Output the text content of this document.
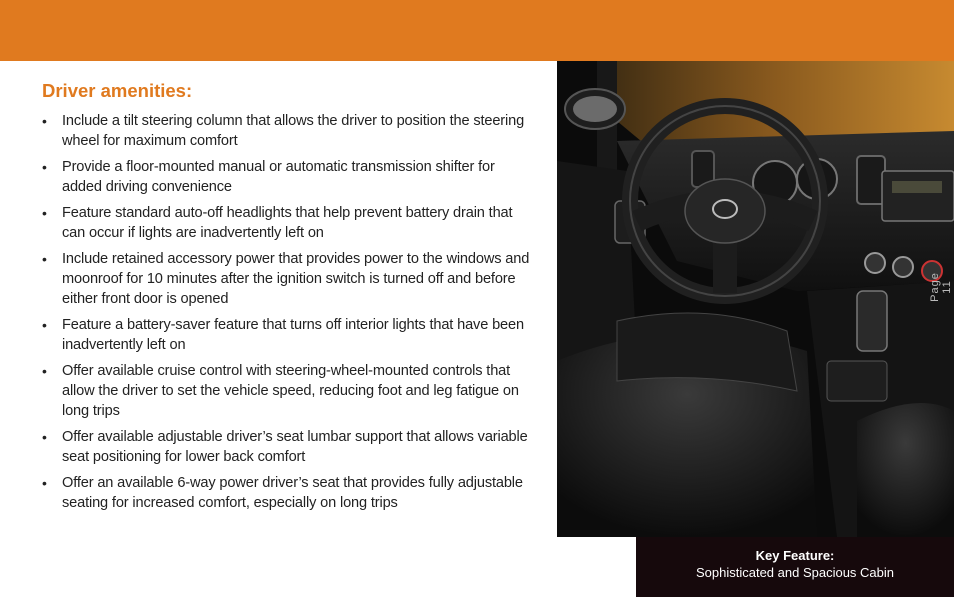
Driver amenities:
• Include a tilt steering column that allows the driver to position the steering wheel for maximum comfort
• Provide a floor-mounted manual or automatic transmission shifter for added driving convenience
• Feature standard auto-off headlights that help prevent battery drain that can occur if lights are inadvertently left on
• Include retained accessory power that provides power to the windows and moonroof for 10 minutes after the ignition switch is turned off and before either front door is opened
• Feature a battery-saver feature that turns off interior lights that have been inadvertently left on
• Offer available cruise control with steering-wheel-mounted controls that allow the driver to set the vehicle speed, reducing foot and leg fatigue on long trips
• Offer available adjustable driver’s seat lumbar support that allows variable seat positioning for lower back comfort
• Offer an available 6-way power driver’s seat that provides fully adjustable seating for increased comfort, especially on long trips
Page 11
Key Feature:
Sophisticated and Spacious Cabin
